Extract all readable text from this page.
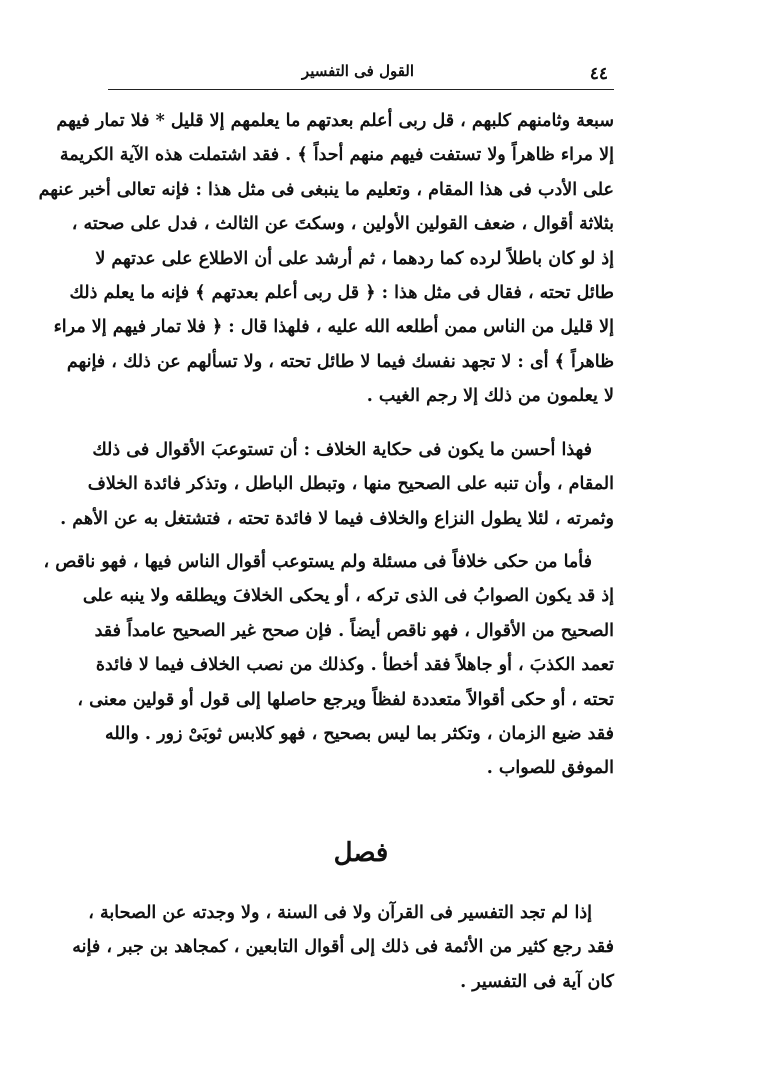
٤٤
القول فى التفسير
سبعة وثامنهم كلبهم ، قل ربى أعلم بعدتهم ما يعلمهم إلا قليل * فلا تمار فيهم
إلا مراء ظاهراً ولا تستفت فيهم منهم أحداً ﴾ . فقد اشتملت هذه الآية الكريمة
على الأدب فى هذا المقام ، وتعليم ما ينبغى فى مثل هذا : فإنه تعالى أخبر عنهم
بثلاثة أقوال ، ضعف القولين الأولين ، وسكتَ عن الثالث ، فدل على صحته ،
إذ لو كان باطلاً لرده كما ردهما ، ثم أرشد على أن الاطلاع على عدتهم لا
طائل تحته ، فقال فى مثل هذا : ﴿ قل ربى أعلم بعدتهم ﴾ فإنه ما يعلم ذلك
إلا قليل من الناس ممن أطلعه الله عليه ، فلهذا قال : ﴿ فلا تمار فيهم إلا مراء
ظاهراً ﴾ أى : لا تجهد نفسك فيما لا طائل تحته ، ولا تسألهم عن ذلك ، فإنهم
لا يعلمون من ذلك إلا رجم الغيب .
فهذا أحسن ما يكون فى حكاية الخلاف : أن تستوعبَ الأقوال فى ذلك
المقام ، وأن تنبه على الصحيح منها ، وتبطل الباطل ، وتذكر فائدة الخلاف
وثمرته ، لئلا يطول النزاع والخلاف فيما لا فائدة تحته ، فتشتغل به عن الأهم .
فأما من حكى خلافاً فى مسئلة ولم يستوعب أقوال الناس فيها ، فهو ناقص ،
إذ قد يكون الصوابُ فى الذى تركه ، أو يحكى الخلافَ ويطلقه ولا ينبه على
الصحيح من الأقوال ، فهو ناقص أيضاً . فإن صحح غير الصحيح عامداً فقد
تعمد الكذبَ ، أو جاهلاً فقد أخطأ . وكذلك من نصب الخلاف فيما لا فائدة
تحته ، أو حكى أقوالاً متعددة لفظاً ويرجع حاصلها إلى قول أو قولين معنى ،
فقد ضيع الزمان ، وتكثر بما ليس بصحيح ، فهو كلابس ثوبَىْ زور . والله
الموفق للصواب .
فصل
إذا لم تجد التفسير فى القرآن ولا فى السنة ، ولا وجدته عن الصحابة ،
فقد رجع كثير من الأئمة فى ذلك إلى أقوال التابعين ، كمجاهد بن جبر ، فإنه
كان آية فى التفسير .
